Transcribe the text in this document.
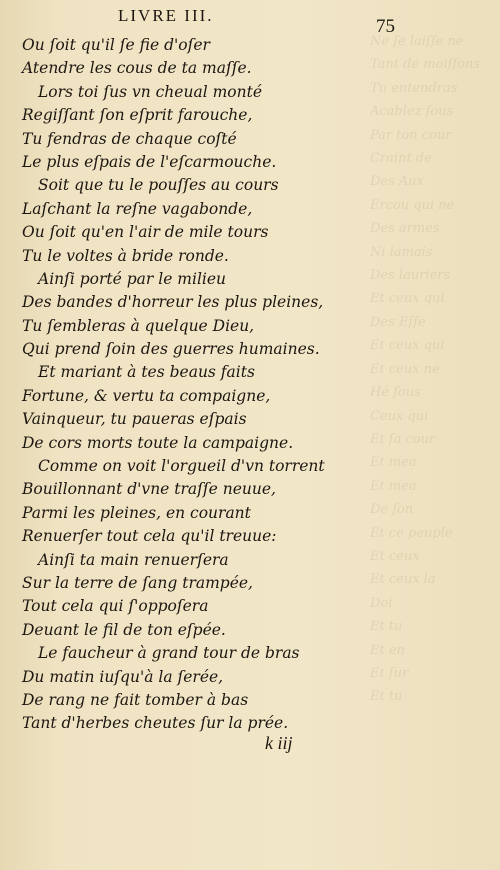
Ne ſe laiſſe ne
Tant de moiſſons
Tu entendras
Acablez ſous
Par ton cour
Craint de
Des Aux
Ercou qui ne
Des armes
Ni iamais
Des lauriers
Et ceux qui
Des Eſſe
Et ceux qui
Et ceux ne
Hé ſous
Ceux qui
Et ſa cour
Et mea
Et mea
De ſon
Et ce peuple
Et ceux
Et ceux la
Doi
Et tu
Et en
Et ſur
Et tu
LIVRE III.
75
Ou ſoit qu'il ſe fie d'oſer
Atendre les cous de ta maſſe.
Lors toi ſus vn cheual monté
Regiſſant ſon eſprit farouche,
Tu fendras de chaque coſté
Le plus eſpais de l'eſcarmouche.
Soit que tu le pouſſes au cours
Laſchant la reſne vagabonde,
Ou ſoit qu'en l'air de mile tours
Tu le voltes à bride ronde.
Ainſi porté par le milieu
Des bandes d'horreur les plus pleines,
Tu ſembleras à quelque Dieu,
Qui prend ſoin des guerres humaines.
Et mariant à tes beaus faits
Fortune, & vertu ta compaigne,
Vainqueur, tu paueras eſpais
De cors morts toute la campaigne.
Comme on voit l'orgueil d'vn torrent
Bouillonnant d'vne traſſe neuue,
Parmi les pleines, en courant
Renuerſer tout cela qu'il treuue:
Ainſi ta main renuerſera
Sur la terre de ſang trampée,
Tout cela qui ſ'oppoſera
Deuant le fil de ton eſpée.
Le faucheur à grand tour de bras
Du matin iuſqu'à la ſerée,
De rang ne fait tomber à bas
Tant d'herbes cheutes ſur la prée.
k iij
